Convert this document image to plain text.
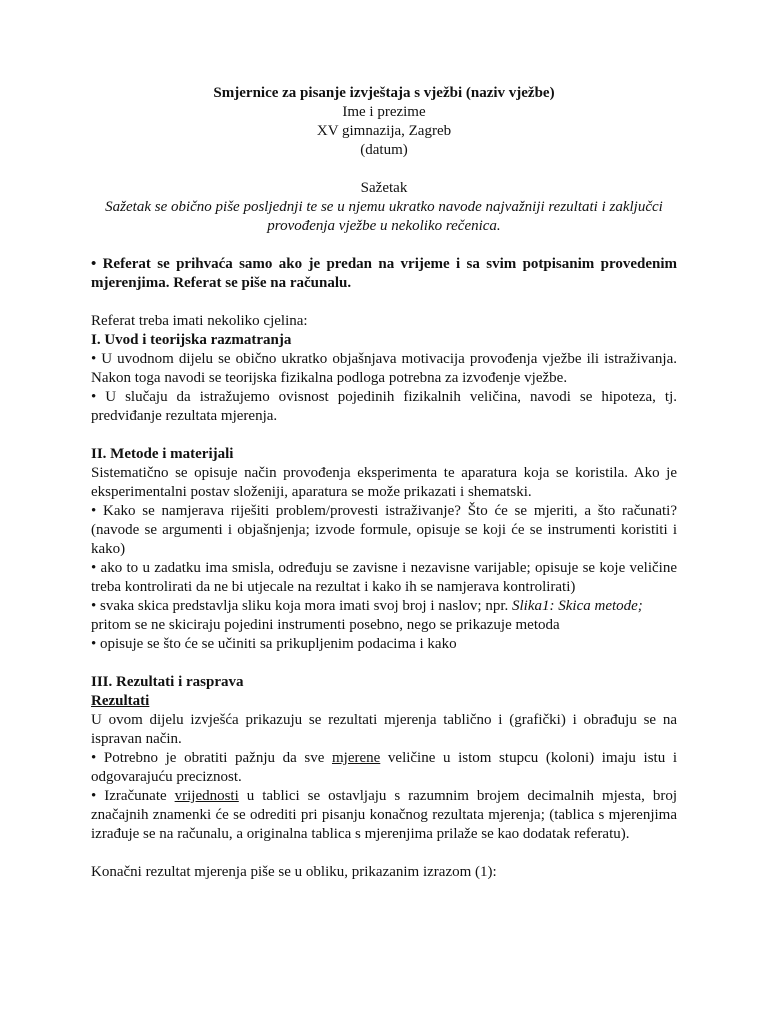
Smjernice za pisanje izvještaja s vježbi (naziv vježbe)

Ime i prezime

XV gimnazija, Zagreb

(datum)

Sažetak

Sažetak se obično piše posljednji te se u njemu ukratko navode najvažniji rezultati i zaključci provođenja vježbe u nekoliko rečenica.

• Referat se prihvaća samo ako je predan na vrijeme i sa svim potpisanim provedenim mjerenjima. Referat se piše na računalu.

Referat treba imati nekoliko cjelina:

I. Uvod i teorijska razmatranja

• U uvodnom dijelu se obično ukratko objašnjava motivacija provođenja vježbe ili istraživanja. Nakon toga navodi se teorijska fizikalna podloga potrebna za izvođenje vježbe.

• U slučaju da istražujemo ovisnost pojedinih fizikalnih veličina, navodi se hipoteza, tj. predviđanje rezultata mjerenja.

II. Metode i materijali

Sistematično se opisuje način provođenja eksperimenta te aparatura koja se koristila. Ako je eksperimentalni postav složeniji, aparatura se može prikazati i shematski.

• Kako se namjerava riješiti problem/provesti istraživanje? Što će se mjeriti, a što računati? (navode se argumenti i objašnjenja; izvode formule, opisuje se koji će se instrumenti koristiti i kako)

• ako to u zadatku ima smisla, određuju se zavisne i nezavisne varijable; opisuje se koje veličine treba kontrolirati da ne bi utjecale na rezultat i kako ih se namjerava kontrolirati)

• svaka skica predstavlja sliku koja mora imati svoj broj i naslov; npr. Slika1: Skica metode; pritom se ne skiciraju pojedini instrumenti posebno, nego se prikazuje metoda

• opisuje se što će se učiniti sa prikupljenim podacima i kako

III. Rezultati i rasprava

Rezultati

U ovom dijelu izvješća prikazuju se rezultati mjerenja tablično i (grafički) i obrađuju se na ispravan način.

• Potrebno je obratiti pažnju da sve mjerene veličine u istom stupcu (koloni) imaju istu i odgovarajuću preciznost.

• Izračunate vrijednosti u tablici se ostavljaju s razumnim brojem decimalnih mjesta, broj značajnih znamenki će se odrediti pri pisanju konačnog rezultata mjerenja; (tablica s mjerenjima izrađuje se na računalu, a originalna tablica s mjerenjima prilaže se kao dodatak referatu).

Konačni rezultat mjerenja piše se u obliku, prikazanim izrazom (1):
